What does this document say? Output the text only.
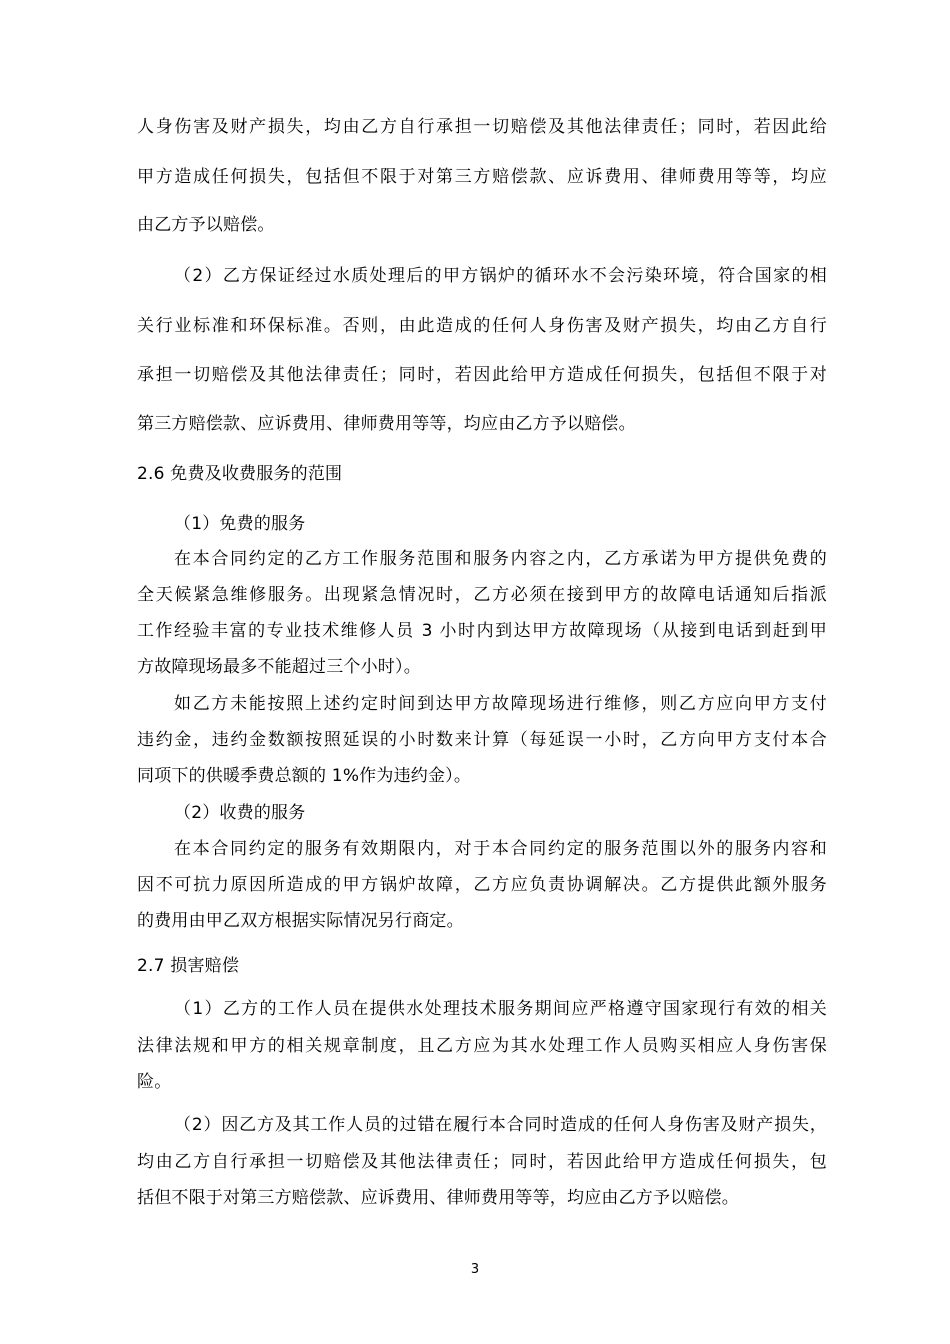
人身伤害及财产损失，均由乙方自行承担一切赔偿及其他法律责任；同时，若因此给
甲方造成任何损失，包括但不限于对第三方赔偿款、应诉费用、律师费用等等，均应
由乙方予以赔偿。
（2）乙方保证经过水质处理后的甲方锅炉的循环水不会污染环境，符合国家的相
关行业标准和环保标准。否则，由此造成的任何人身伤害及财产损失，均由乙方自行
承担一切赔偿及其他法律责任；同时，若因此给甲方造成任何损失，包括但不限于对
第三方赔偿款、应诉费用、律师费用等等，均应由乙方予以赔偿。
2.6 免费及收费服务的范围
（1）免费的服务
在本合同约定的乙方工作服务范围和服务内容之内，乙方承诺为甲方提供免费的
全天候紧急维修服务。出现紧急情况时，乙方必须在接到甲方的故障电话通知后指派
工作经验丰富的专业技术维修人员 3 小时内到达甲方故障现场（从接到电话到赶到甲
方故障现场最多不能超过三个小时）。
如乙方未能按照上述约定时间到达甲方故障现场进行维修，则乙方应向甲方支付
违约金，违约金数额按照延误的小时数来计算（每延误一小时，乙方向甲方支付本合
同项下的供暖季费总额的 1%作为违约金）。
（2）收费的服务
在本合同约定的服务有效期限内，对于本合同约定的服务范围以外的服务内容和
因不可抗力原因所造成的甲方锅炉故障，乙方应负责协调解决。乙方提供此额外服务
的费用由甲乙双方根据实际情况另行商定。
2.7 损害赔偿
（1）乙方的工作人员在提供水处理技术服务期间应严格遵守国家现行有效的相关
法律法规和甲方的相关规章制度，且乙方应为其水处理工作人员购买相应人身伤害保
险。
（2）因乙方及其工作人员的过错在履行本合同时造成的任何人身伤害及财产损失，
均由乙方自行承担一切赔偿及其他法律责任；同时，若因此给甲方造成任何损失，包
括但不限于对第三方赔偿款、应诉费用、律师费用等等，均应由乙方予以赔偿。
3
